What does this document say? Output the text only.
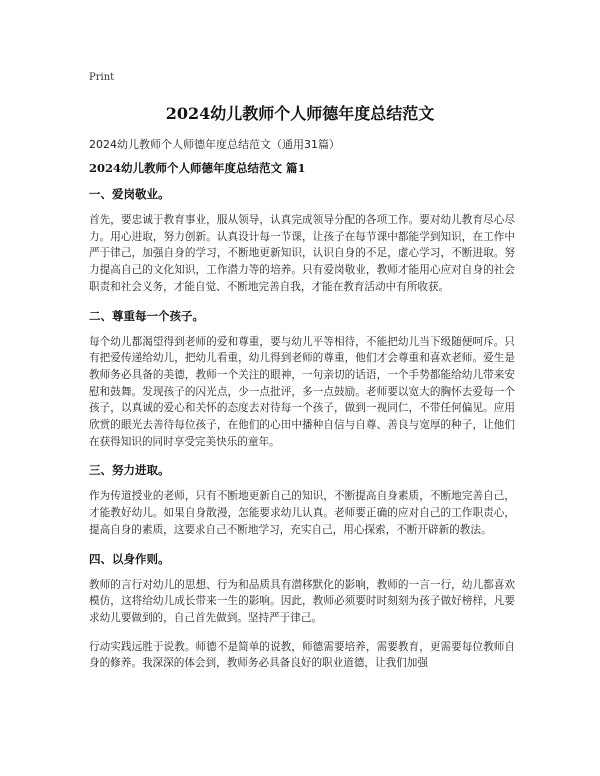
Print
2024幼儿教师个人师德年度总结范文

2024幼儿教师个人师德年度总结范文（通用31篇）

2024幼儿教师个人师德年度总结范文 篇1
一、爱岗敬业。

首先，要忠诚于教育事业，服从领导，认真完成领导分配的各项工作。要对幼儿教育尽心尽力。用心进取，努力创新。认真设计每一节课，让孩子在每节课中都能学到知识，在工作中严于律己，加强自身的学习，不断地更新知识，认识自身的不足，虚心学习，不断进取。努力提高自己的文化知识，工作潜力等的培养。只有爱岗敬业，教师才能用心应对自身的社会职责和社会义务，才能自觉、不断地完善自我，才能在教育活动中有所收获。

二、尊重每一个孩子。

每个幼儿都渴望得到老师的爱和尊重，要与幼儿平等相待，不能把幼儿当下级随便呵斥。只有把爱传递给幼儿，把幼儿看重，幼儿得到老师的尊重，他们才会尊重和喜欢老师。爱生是教师务必具备的美德，教师一个关注的眼神，一句亲切的话语，一个手势都能给幼儿带来安慰和鼓舞。发现孩子的闪光点，少一点批评，多一点鼓励。老师要以宽大的胸怀去爱每一个孩子，以真诚的爱心和关怀的态度去对待每一个孩子，做到一视同仁，不带任何偏见。应用欣赏的眼光去善待每位孩子，在他们的心田中播种自信与自尊、善良与宽厚的种子，让他们在获得知识的同时享受完美快乐的童年。

三、努力进取。

作为传道授业的老师，只有不断地更新自己的知识，不断提高自身素质，不断地完善自己，才能教好幼儿。如果自身散漫，怎能要求幼儿认真。老师要正确的应对自己的工作职责心，提高自身的素质，这要求自己不断地学习，充实自己，用心探索，不断开辟新的教法。

四、以身作则。

教师的言行对幼儿的思想、行为和品质具有潜移默化的影响，教师的一言一行，幼儿都喜欢模仿，这将给幼儿成长带来一生的影响。因此，教师必须要时时刻刻为孩子做好榜样，凡要求幼儿要做到的，自己首先做到。坚持严于律己。

行动实践远胜于说教。师德不是简单的说教，师德需要培养，需要教育，更需要每位教师自身的修养。我深深的体会到，教师务必具备良好的职业道德，让我们加强
